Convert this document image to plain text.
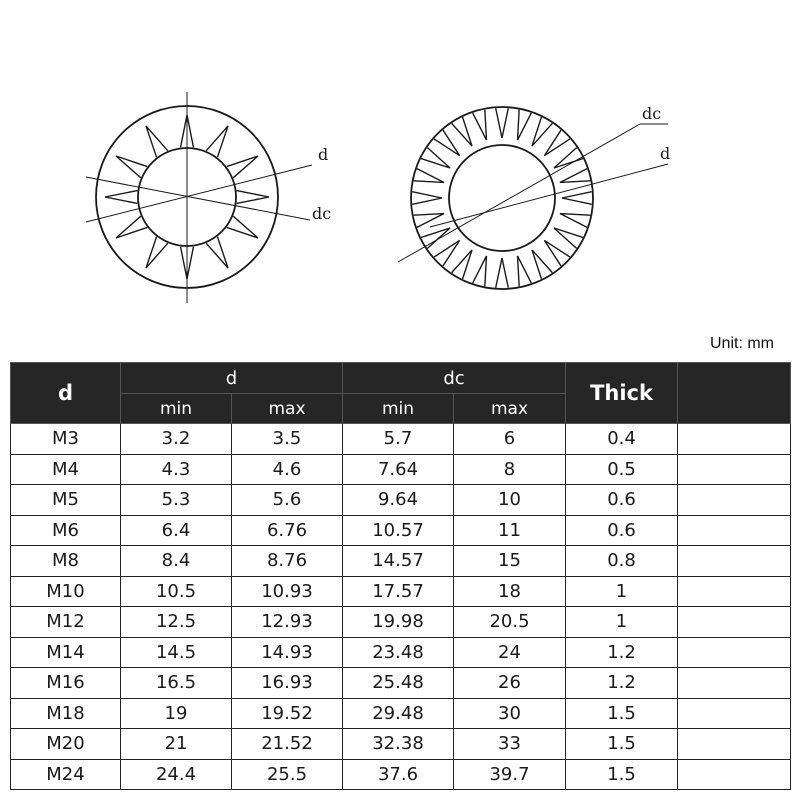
d
dc
dc
d
Unit: mm
d	d		dc		Thick	
	min	max	min	max		
M3	3.2	3.5	5.7	6	0.4	
M4	4.3	4.6	7.64	8	0.5	
M5	5.3	5.6	9.64	10	0.6	
M6	6.4	6.76	10.57	11	0.6	
M8	8.4	8.76	14.57	15	0.8	
M10	10.5	10.93	17.57	18	1	
M12	12.5	12.93	19.98	20.5	1	
M14	14.5	14.93	23.48	24	1.2	
M16	16.5	16.93	25.48	26	1.2	
M18	19	19.52	29.48	30	1.5	
M20	21	21.52	32.38	33	1.5	
M24	24.4	25.5	37.6	39.7	1.5	
